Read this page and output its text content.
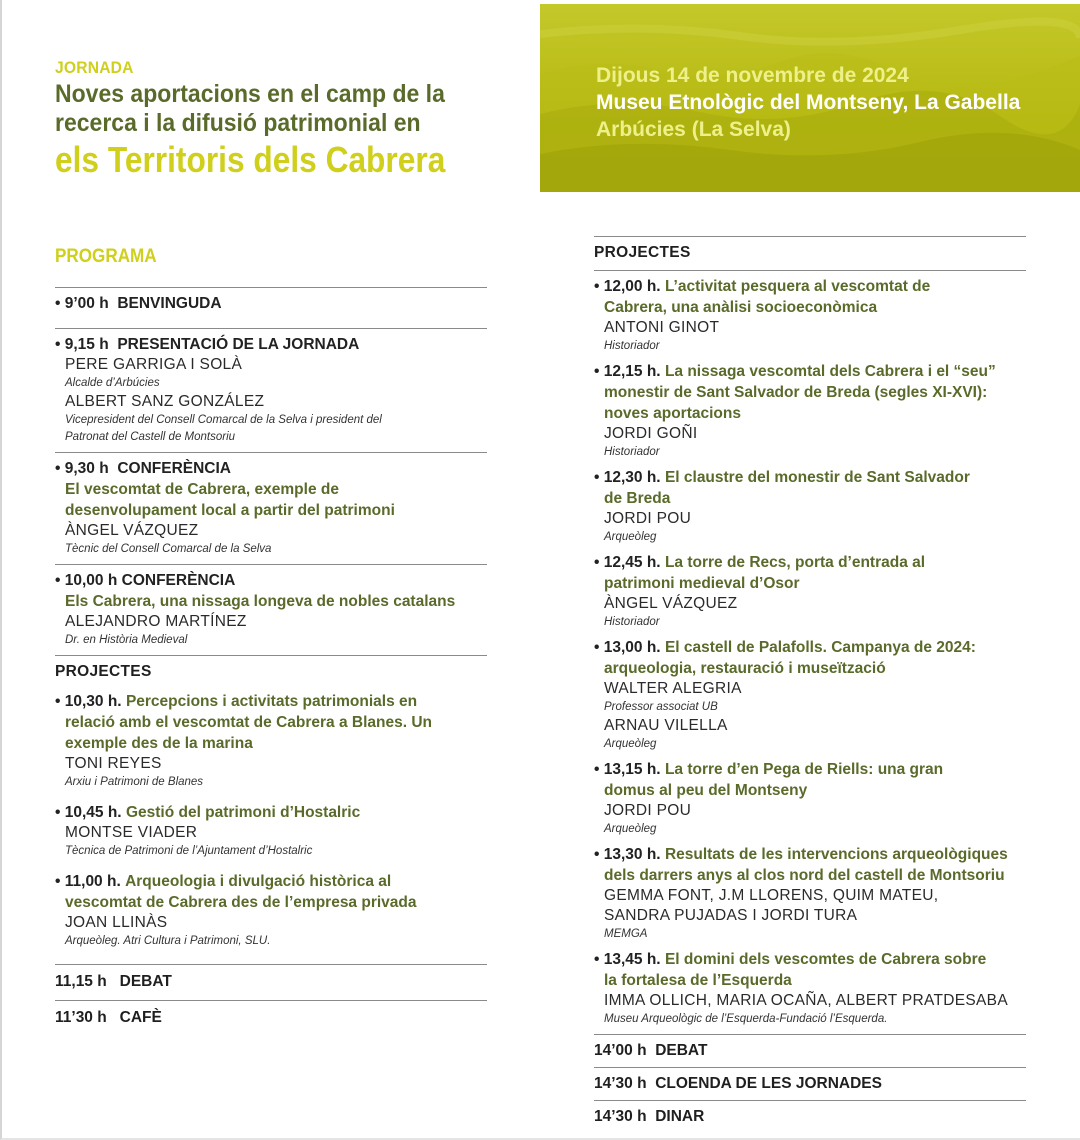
Dijous 14 de novembre de 2024
Museu Etnològic del Montseny, La Gabella
Arbúcies (La Selva)
JORNADA
Noves aportacions en el camp de la
recerca i la difusió patrimonial en
els Territoris dels Cabrera
PROGRAMA
• 9’00 h BENVINGUDA
• 9,15 h PRESENTACIÓ DE LA JORNADA
PERE GARRIGA I SOLÀ
Alcalde d’Arbúcies
ALBERT SANZ GONZÁLEZ
Vicepresident del Consell Comarcal de la Selva i president del
Patronat del Castell de Montsoriu
• 9,30 h CONFERÈNCIA
El vescomtat de Cabrera, exemple de
desenvolupament local a partir del patrimoni
ÀNGEL VÁZQUEZ
Tècnic del Consell Comarcal de la Selva
• 10,00 h CONFERÈNCIA
Els Cabrera, una nissaga longeva de nobles catalans
ALEJANDRO MARTÍNEZ
Dr. en Història Medieval
PROJECTES
• 10,30 h. Percepcions i activitats patrimonials en
relació amb el vescomtat de Cabrera a Blanes. Un
exemple des de la marina
TONI REYES
Arxiu i Patrimoni de Blanes
• 10,45 h. Gestió del patrimoni d’Hostalric
MONTSE VIADER
Tècnica de Patrimoni de l’Ajuntament d’Hostalric
• 11,00 h. Arqueologia i divulgació històrica al
vescomtat de Cabrera des de l’empresa privada
JOAN LLINÀS
Arqueòleg. Atri Cultura i Patrimoni, SLU.
11,15 h DEBAT
11’30 h CAFÈ
PROJECTES
• 12,00 h. L’activitat pesquera al vescomtat de
Cabrera, una anàlisi socioeconòmica
ANTONI GINOT
Historiador
• 12,15 h. La nissaga vescomtal dels Cabrera i el “seu”
monestir de Sant Salvador de Breda (segles XI-XVI):
noves aportacions
JORDI GOÑI
Historiador
• 12,30 h. El claustre del monestir de Sant Salvador
de Breda
JORDI POU
Arqueòleg
• 12,45 h. La torre de Recs, porta d’entrada al
patrimoni medieval d’Osor
ÀNGEL VÁZQUEZ
Historiador
• 13,00 h. El castell de Palafolls. Campanya de 2024:
arqueologia, restauració i museïtzació
WALTER ALEGRIA
Professor associat UB
ARNAU VILELLA
Arqueòleg
• 13,15 h. La torre d’en Pega de Riells: una gran
domus al peu del Montseny
JORDI POU
Arqueòleg
• 13,30 h. Resultats de les intervencions arqueològiques
dels darrers anys al clos nord del castell de Montsoriu
GEMMA FONT, J.M LLORENS, QUIM MATEU,
SANDRA PUJADAS I JORDI TURA
MEMGA
• 13,45 h. El domini dels vescomtes de Cabrera sobre
la fortalesa de l’Esquerda
IMMA OLLICH, MARIA OCAÑA, ALBERT PRATDESABA
Museu Arqueològic de l’Esquerda-Fundació l’Esquerda.
14’00 h DEBAT
14’30 h CLOENDA DE LES JORNADES
14’30 h DINAR
